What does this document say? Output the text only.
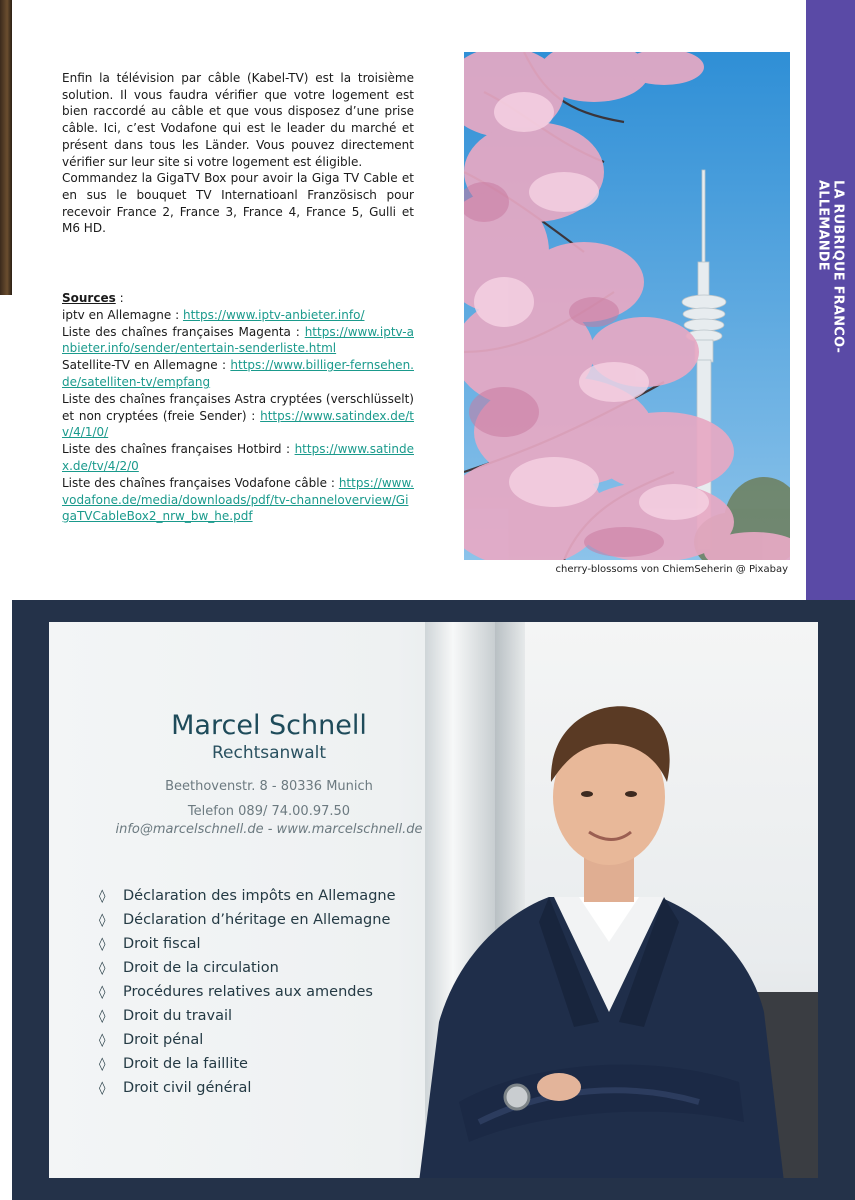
LA RUBRIQUE FRANCO-ALLEMANDE

Enfin la télévision par câble (Kabel-TV) est la troisième solution. Il vous faudra vérifier que votre logement est bien raccordé au câble et que vous disposez d’une prise câble. Ici, c’est Vodafone qui est le leader du marché et présent dans tous les Länder. Vous pouvez directement vérifier sur leur site si votre logement est éligible.

Commandez la GigaTV Box pour avoir la Giga TV Cable et en sus le bouquet TV Internatioanl Französisch pour recevoir France 2, France 3, France 4, France 5, Gulli et M6 HD.

Sources :

iptv en Allemagne : https://www.iptv-anbieter.info/

Liste des chaînes françaises Magenta : https://www.iptv-anbieter.info/sender/entertain-senderliste.html

Satellite-TV en Allemagne : https://www.billiger-fernsehen.de/satelliten-tv/empfang

Liste des chaînes françaises Astra cryptées (verschlüsselt) et non cryptées (freie Sender) : https://www.satindex.de/tv/4/1/0/

Liste des chaînes françaises Hotbird : https://www.satindex.de/tv/4/2/0

Liste des chaînes françaises Vodafone câble : https://www.vodafone.de/media/downloads/pdf/tv-channeloverview/GigaTVCableBox2_nrw_bw_he.pdf

cherry-blossoms von ChiemSeherin @ Pixabay
Marcel Schnell
Rechtsanwalt
Beethovenstr. 8 - 80336 Munich
Telefon 089/ 74.00.97.50
info@marcelschnell.de - www.marcelschnell.de
◊	Déclaration des impôts en Allemagne
◊	Déclaration d’héritage en Allemagne
◊	Droit fiscal
◊	Droit de la circulation
◊	Procédures relatives aux amendes
◊	Droit du travail
◊	Droit pénal
◊	Droit de la faillite
◊	Droit civil général
